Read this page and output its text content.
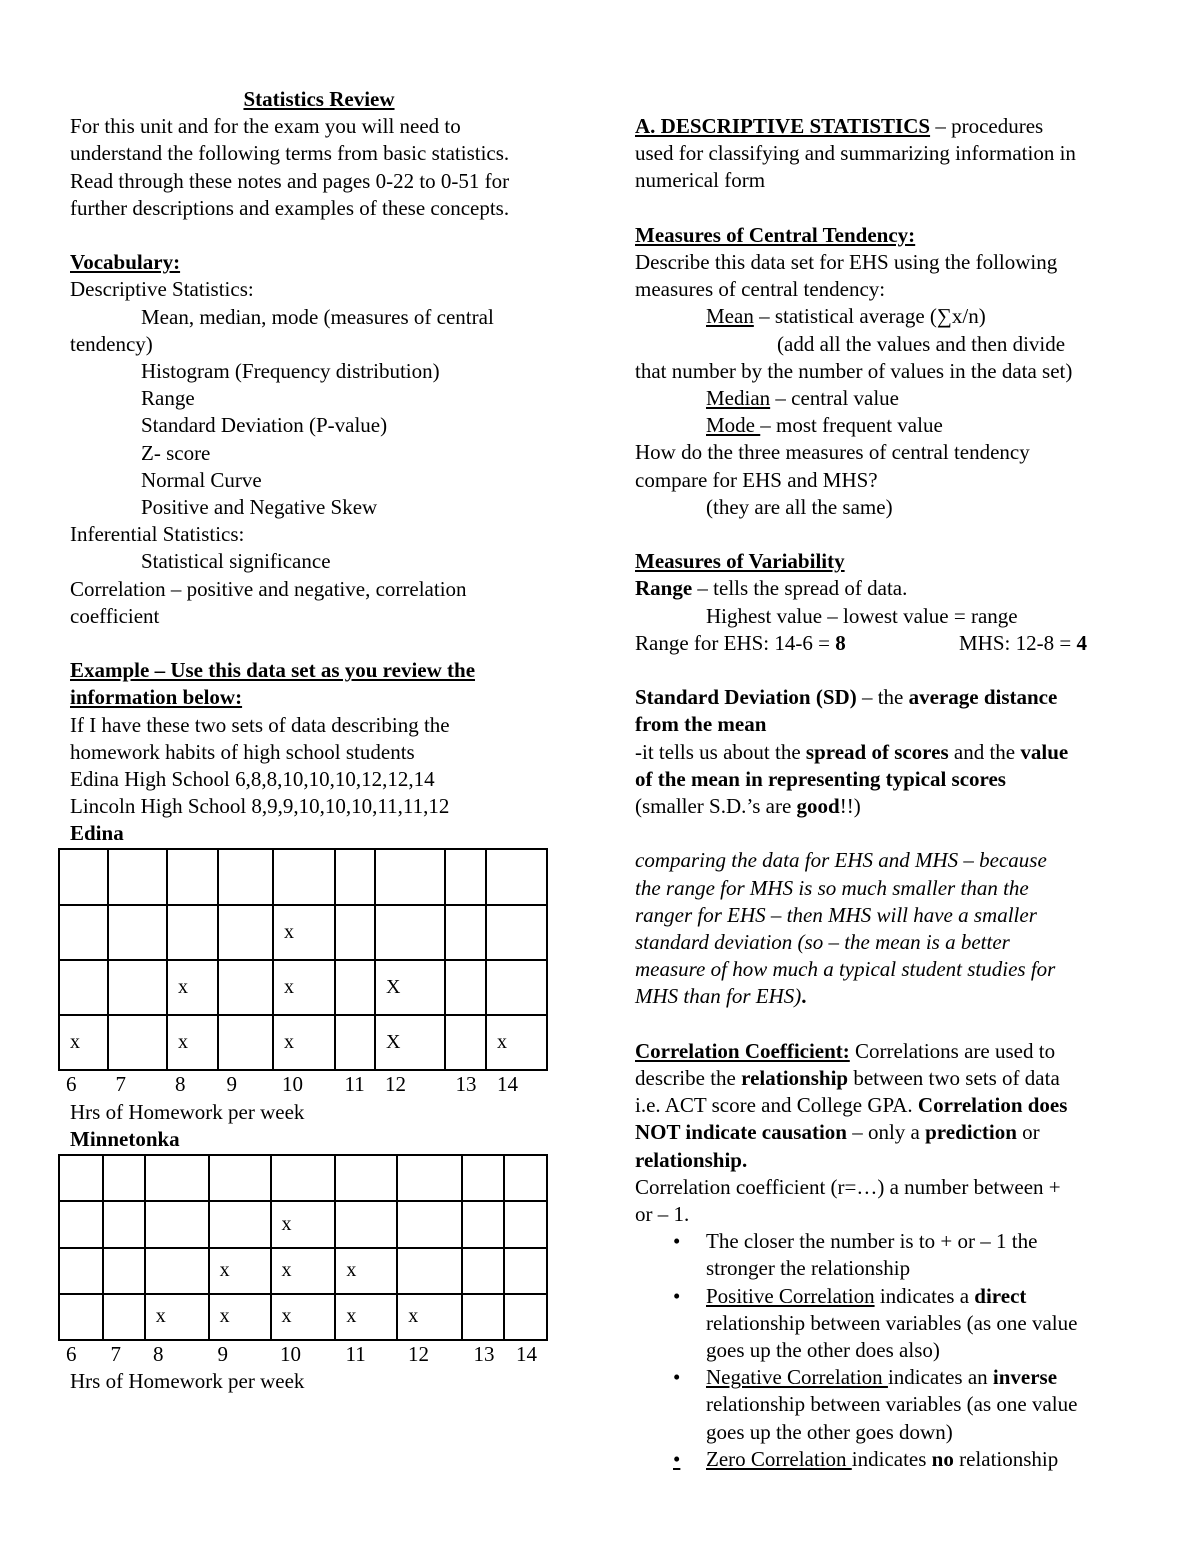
Statistics Review
For this unit and for the exam you will need to
understand the following terms from basic statistics.
Read through these notes and pages 0-22 to 0-51 for
further descriptions and examples of these concepts.
Vocabulary:
Descriptive Statistics:
Mean, median, mode (measures of central
tendency)
Histogram (Frequency distribution)
Range
Standard Deviation (P-value)
Z- score
Normal Curve
Positive and Negative Skew
Inferential Statistics:
Statistical significance
Correlation – positive and negative, correlation
coefficient
Example – Use this data set as you review the
information below:
If I have these two sets of data describing the
homework habits of high school students
Edina High School 6,8,8,10,10,10,12,12,14
Lincoln High School 8,9,9,10,10,10,11,11,12
Edina

				x				
		x		x		X		
x		x		x		X		x
6 7 8 9 10 11 12 13 14
Hrs of Homework per week
Minnetonka

				x				
			x	x	x			
		x	x	x	x	x		
6 7 8	9 10 11 12 13 14
Hrs of Homework per week
A. DESCRIPTIVE STATISTICS – procedures
used for classifying and summarizing information in
numerical form
Measures of Central Tendency:
Describe this data set for EHS using the following
measures of central tendency:
Mean – statistical average (∑x/n)
(add all the values and then divide
that number by the number of values in the data set)
Median – central value
Mode – most frequent value
How do the three measures of central tendency
compare for EHS and MHS?
(they are all the same)
Measures of Variability
Range – tells the spread of data.
Highest value – lowest value = range
Range for EHS: 14-6 = 8	MHS: 12-8 = 4
Standard Deviation (SD) – the average distance
from the mean
-it tells us about the spread of scores and the value
of the mean in representing typical scores
(smaller S.D.’s are good!!)
comparing the data for EHS and MHS – because
the range for MHS is so much smaller than the
ranger for EHS – then MHS will have a smaller
standard deviation (so – the mean is a better
measure of how much a typical student studies for
MHS than for EHS).
Correlation Coefficient: Correlations are used to
describe the relationship between two sets of data
i.e. ACT score and College GPA. Correlation does
NOT indicate causation – only a prediction or
relationship.
Correlation coefficient (r=…) a number between +
or – 1.
• The closer the number is to + or – 1 the
stronger the relationship
• Positive Correlation indicates a direct
relationship between variables (as one value
goes up the other does also)
• Negative Correlation indicates an inverse
relationship between variables (as one value
goes up the other goes down)
•	Zero Correlation indicates no relationship
